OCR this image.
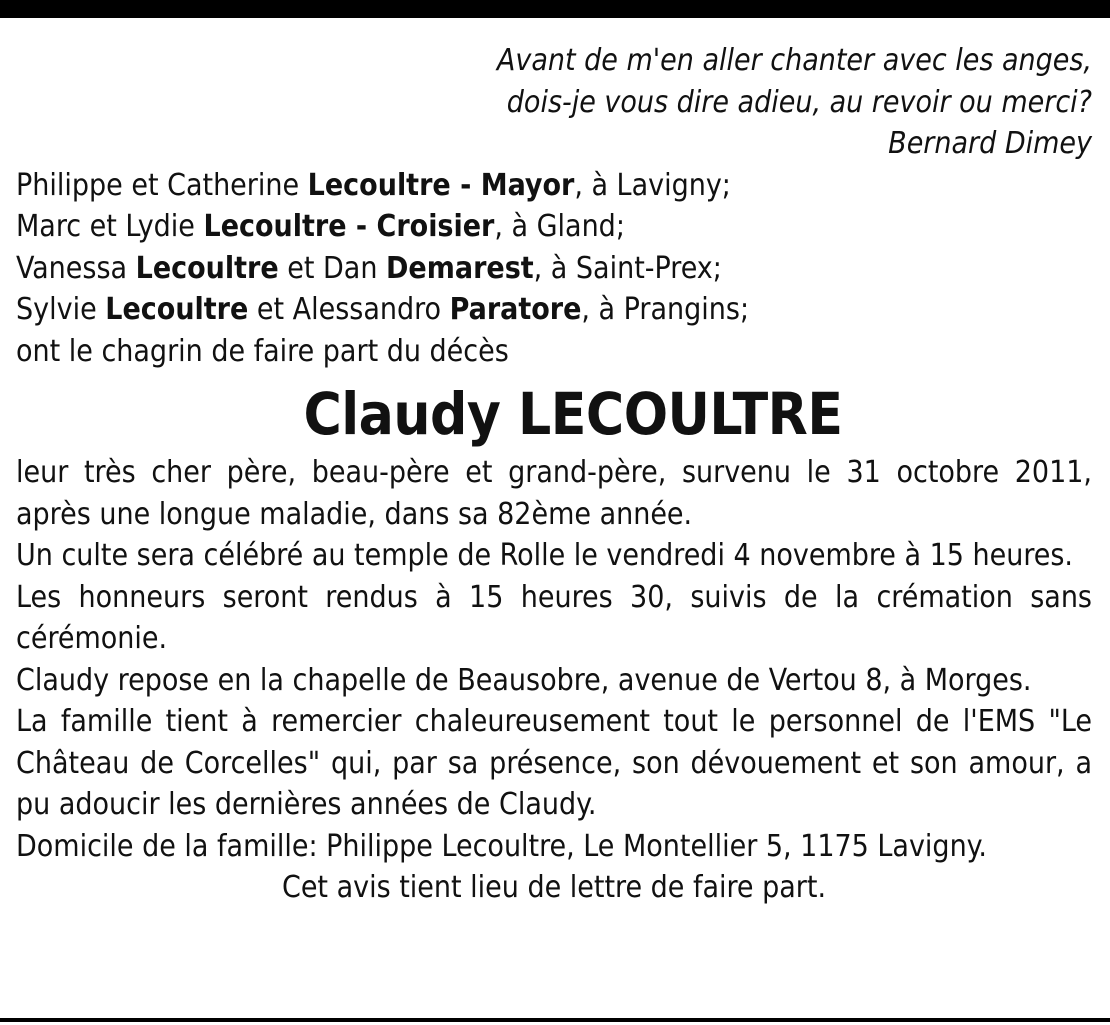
Avant de m'en aller chanter avec les anges,
dois-je vous dire adieu, au revoir ou merci?
Bernard Dimey
Philippe et Catherine Lecoultre - Mayor, à Lavigny;
Marc et Lydie Lecoultre - Croisier, à Gland;
Vanessa Lecoultre et Dan Demarest, à Saint-Prex;
Sylvie Lecoultre et Alessandro Paratore, à Prangins;
ont le chagrin de faire part du décès
Claudy LECOULTRE

leur très cher père, beau-père et grand-père, survenu le 31 octobre 2011, après une longue maladie, dans sa 82ème année.

Un culte sera célébré au temple de Rolle le vendredi 4 novembre à 15 heures.

Les honneurs seront rendus à 15 heures 30, suivis de la crémation sans cérémonie.

Claudy repose en la chapelle de Beausobre, avenue de Vertou 8, à Morges.

La famille tient à remercier chaleureusement tout le personnel de l'EMS "Le Château de Corcelles" qui, par sa présence, son dévouement et son amour, a pu adoucir les dernières années de Claudy.

Domicile de la famille: Philippe Lecoultre, Le Montellier 5, 1175 Lavigny.

Cet avis tient lieu de lettre de faire part.
